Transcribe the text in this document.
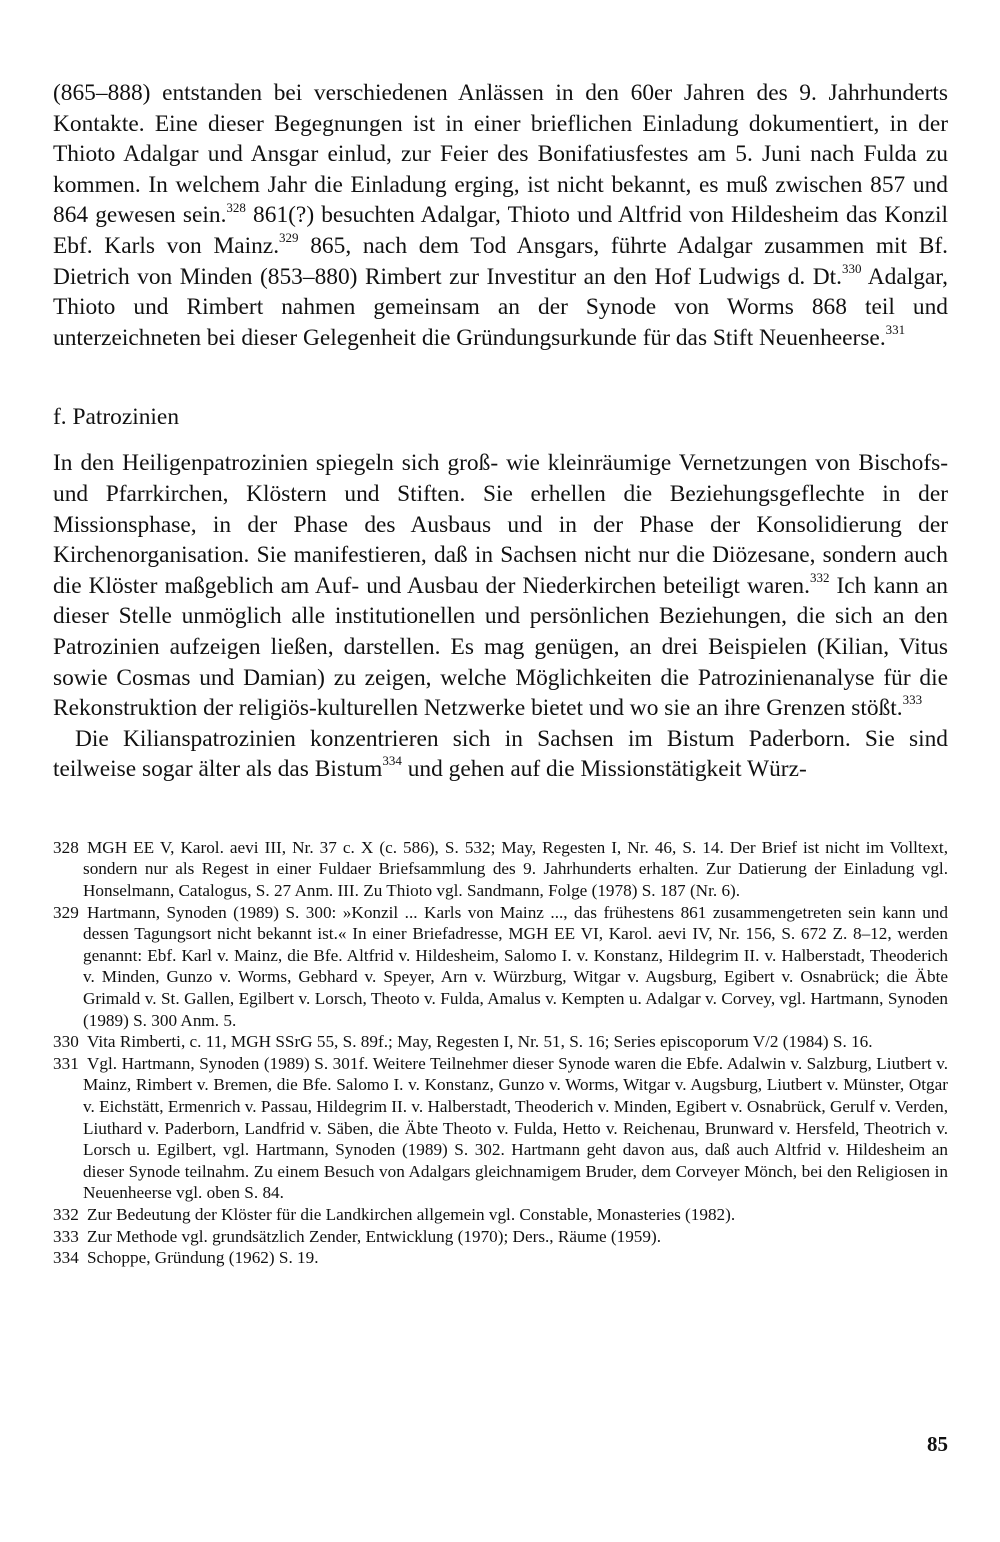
(865–888) entstanden bei verschiedenen Anlässen in den 60er Jahren des 9. Jahrhunderts Kontakte. Eine dieser Begegnungen ist in einer brieflichen Einladung dokumentiert, in der Thioto Adalgar und Ansgar einlud, zur Feier des Bonifatiusfestes am 5. Juni nach Fulda zu kommen. In welchem Jahr die Einladung erging, ist nicht bekannt, es muß zwischen 857 und 864 gewesen sein.$^{328}$ 861(?) besuchten Adalgar, Thioto und Altfrid von Hildesheim das Konzil Ebf. Karls von Mainz.$^{329}$ 865, nach dem Tod Ansgars, führte Adalgar zusammen mit Bf. Dietrich von Minden (853–880) Rimbert zur Investitur an den Hof Ludwigs d. Dt.$^{330}$ Adalgar, Thioto und Rimbert nahmen gemeinsam an der Synode von Worms 868 teil und unterzeichneten bei dieser Gelegenheit die Gründungsurkunde für das Stift Neuenheerse.$^{331}$

f. Patrozinien

In den Heiligenpatrozinien spiegeln sich groß- wie kleinräumige Vernetzungen von Bischofs- und Pfarrkirchen, Klöstern und Stiften. Sie erhellen die Beziehungsgeflechte in der Missionsphase, in der Phase des Ausbaus und in der Phase der Konsolidierung der Kirchenorganisation. Sie manifestieren, daß in Sachsen nicht nur die Diözesane, sondern auch die Klöster maßgeblich am Auf- und Ausbau der Niederkirchen beteiligt waren.$^{332}$ Ich kann an dieser Stelle unmöglich alle institutionellen und persönlichen Beziehungen, die sich an den Patrozinien aufzeigen ließen, darstellen. Es mag genügen, an drei Beispielen (Kilian, Vitus sowie Cosmas und Damian) zu zeigen, welche Möglichkeiten die Patrozinienanalyse für die Rekonstruktion der religiös-kulturellen Netzwerke bietet und wo sie an ihre Grenzen stößt.$^{333}$

Die Kilianspatrozinien konzentrieren sich in Sachsen im Bistum Paderborn. Sie sind teilweise sogar älter als das Bistum$^{334}$ und gehen auf die Missionstätigkeit Würz-

328 MGH EE V, Karol. aevi III, Nr. 37 c. X (c. 586), S. 532; May, Regesten I, Nr. 46, S. 14. Der Brief ist nicht im Volltext, sondern nur als Regest in einer Fuldaer Briefsammlung des 9. Jahrhunderts erhalten. Zur Datierung der Einladung vgl. Honselmann, Catalogus, S. 27 Anm. III. Zu Thioto vgl. Sandmann, Folge (1978) S. 187 (Nr. 6).

329 Hartmann, Synoden (1989) S. 300: »Konzil ... Karls von Mainz ..., das frühestens 861 zusammengetreten sein kann und dessen Tagungsort nicht bekannt ist.« In einer Briefadresse, MGH EE VI, Karol. aevi IV, Nr. 156, S. 672 Z. 8–12, werden genannt: Ebf. Karl v. Mainz, die Bfe. Altfrid v. Hildesheim, Salomo I. v. Konstanz, Hildegrim II. v. Halberstadt, Theoderich v. Minden, Gunzo v. Worms, Gebhard v. Speyer, Arn v. Würzburg, Witgar v. Augsburg, Egibert v. Osnabrück; die Äbte Grimald v. St. Gallen, Egilbert v. Lorsch, Theoto v. Fulda, Amalus v. Kempten u. Adalgar v. Corvey, vgl. Hartmann, Synoden (1989) S. 300 Anm. 5.

330 Vita Rimberti, c. 11, MGH SSrG 55, S. 89f.; May, Regesten I, Nr. 51, S. 16; Series episcoporum V/2 (1984) S. 16.

331 Vgl. Hartmann, Synoden (1989) S. 301f. Weitere Teilnehmer dieser Synode waren die Ebfe. Adalwin v. Salzburg, Liutbert v. Mainz, Rimbert v. Bremen, die Bfe. Salomo I. v. Konstanz, Gunzo v. Worms, Witgar v. Augsburg, Liutbert v. Münster, Otgar v. Eichstätt, Ermenrich v. Passau, Hildegrim II. v. Halberstadt, Theoderich v. Minden, Egibert v. Osnabrück, Gerulf v. Verden, Liuthard v. Paderborn, Landfrid v. Säben, die Äbte Theoto v. Fulda, Hetto v. Reichenau, Brunward v. Hersfeld, Theotrich v. Lorsch u. Egilbert, vgl. Hartmann, Synoden (1989) S. 302. Hartmann geht davon aus, daß auch Altfrid v. Hildesheim an dieser Synode teilnahm. Zu einem Besuch von Adalgars gleichnamigem Bruder, dem Corveyer Mönch, bei den Religiosen in Neuenheerse vgl. oben S. 84.

332 Zur Bedeutung der Klöster für die Landkirchen allgemein vgl. Constable, Monasteries (1982).

333 Zur Methode vgl. grundsätzlich Zender, Entwicklung (1970); Ders., Räume (1959).

334 Schoppe, Gründung (1962) S. 19.

85
